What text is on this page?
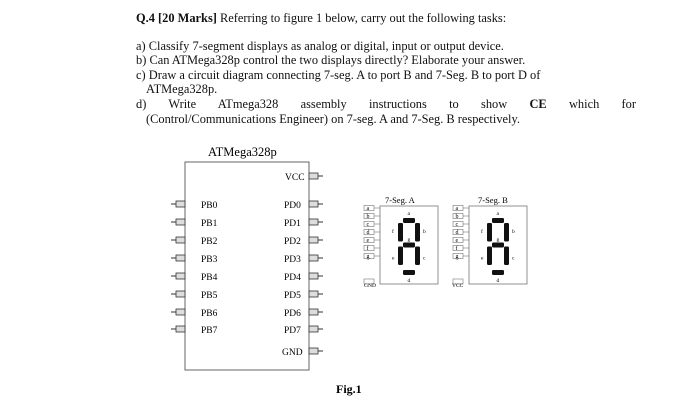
Q.4 [20 Marks] Referring to figure 1 below, carry out the following tasks:

a) Classify 7-segment displays as analog or digital, input or output device.

b) Can ATMega328p control the two displays directly? Elaborate your answer.

c) Draw a circuit diagram connecting 7-seg. A to port B and 7-Seg. B to port D of

ATMega328p.

d) Write ATmega328 assembly instructions to show CE which for

(Control/Communications Engineer) on 7-seg. A and 7-Seg. B respectively.

ATMega328p
VCC
GND
PB0
PB1
PB2
PB3
PB4
PB5
PB6
PB7
PD0
PD1
PD2
PD3
PD4
PD5
PD6
PD7
7-Seg. A
a
b
c
d
e
f
g
GND
a
b
c
d
e
f
g
7-Seg. B
a
b
c
d
e
f
g
VCC
a
b
c
d
e
f
g
Fig.1
